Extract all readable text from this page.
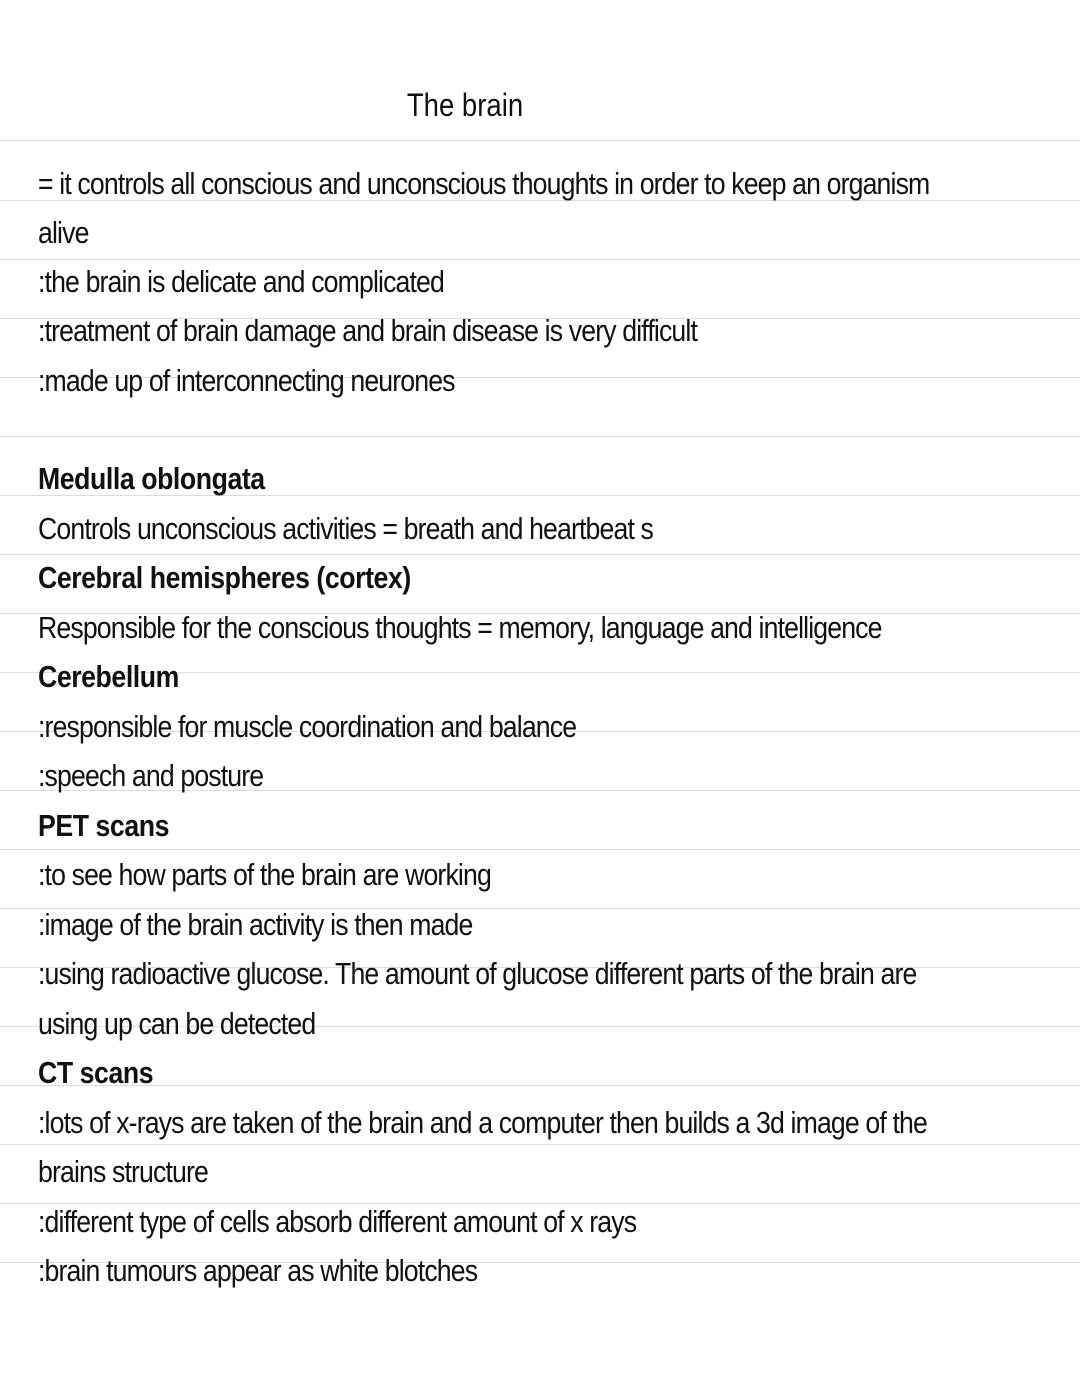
The brain
= it controls all conscious and unconscious thoughts in order to keep an organism
alive
:the brain is delicate and complicated
:treatment of brain damage and brain disease is very difficult
:made up of interconnecting neurones
Medulla oblongata
Controls unconscious activities = breath and heartbeat s
Cerebral hemispheres (cortex)
Responsible for the conscious thoughts = memory, language and intelligence
Cerebellum
:responsible for muscle coordination and balance
:speech and posture
PET scans
:to see how parts of the brain are working
:image of the brain activity is then made
:using radioactive glucose. The amount of glucose different parts of the brain are
using up can be detected
CT scans
:lots of x-rays are taken of the brain and a computer then builds a 3d image of the
brains structure
:different type of cells absorb different amount of x rays
:brain tumours appear as white blotches
